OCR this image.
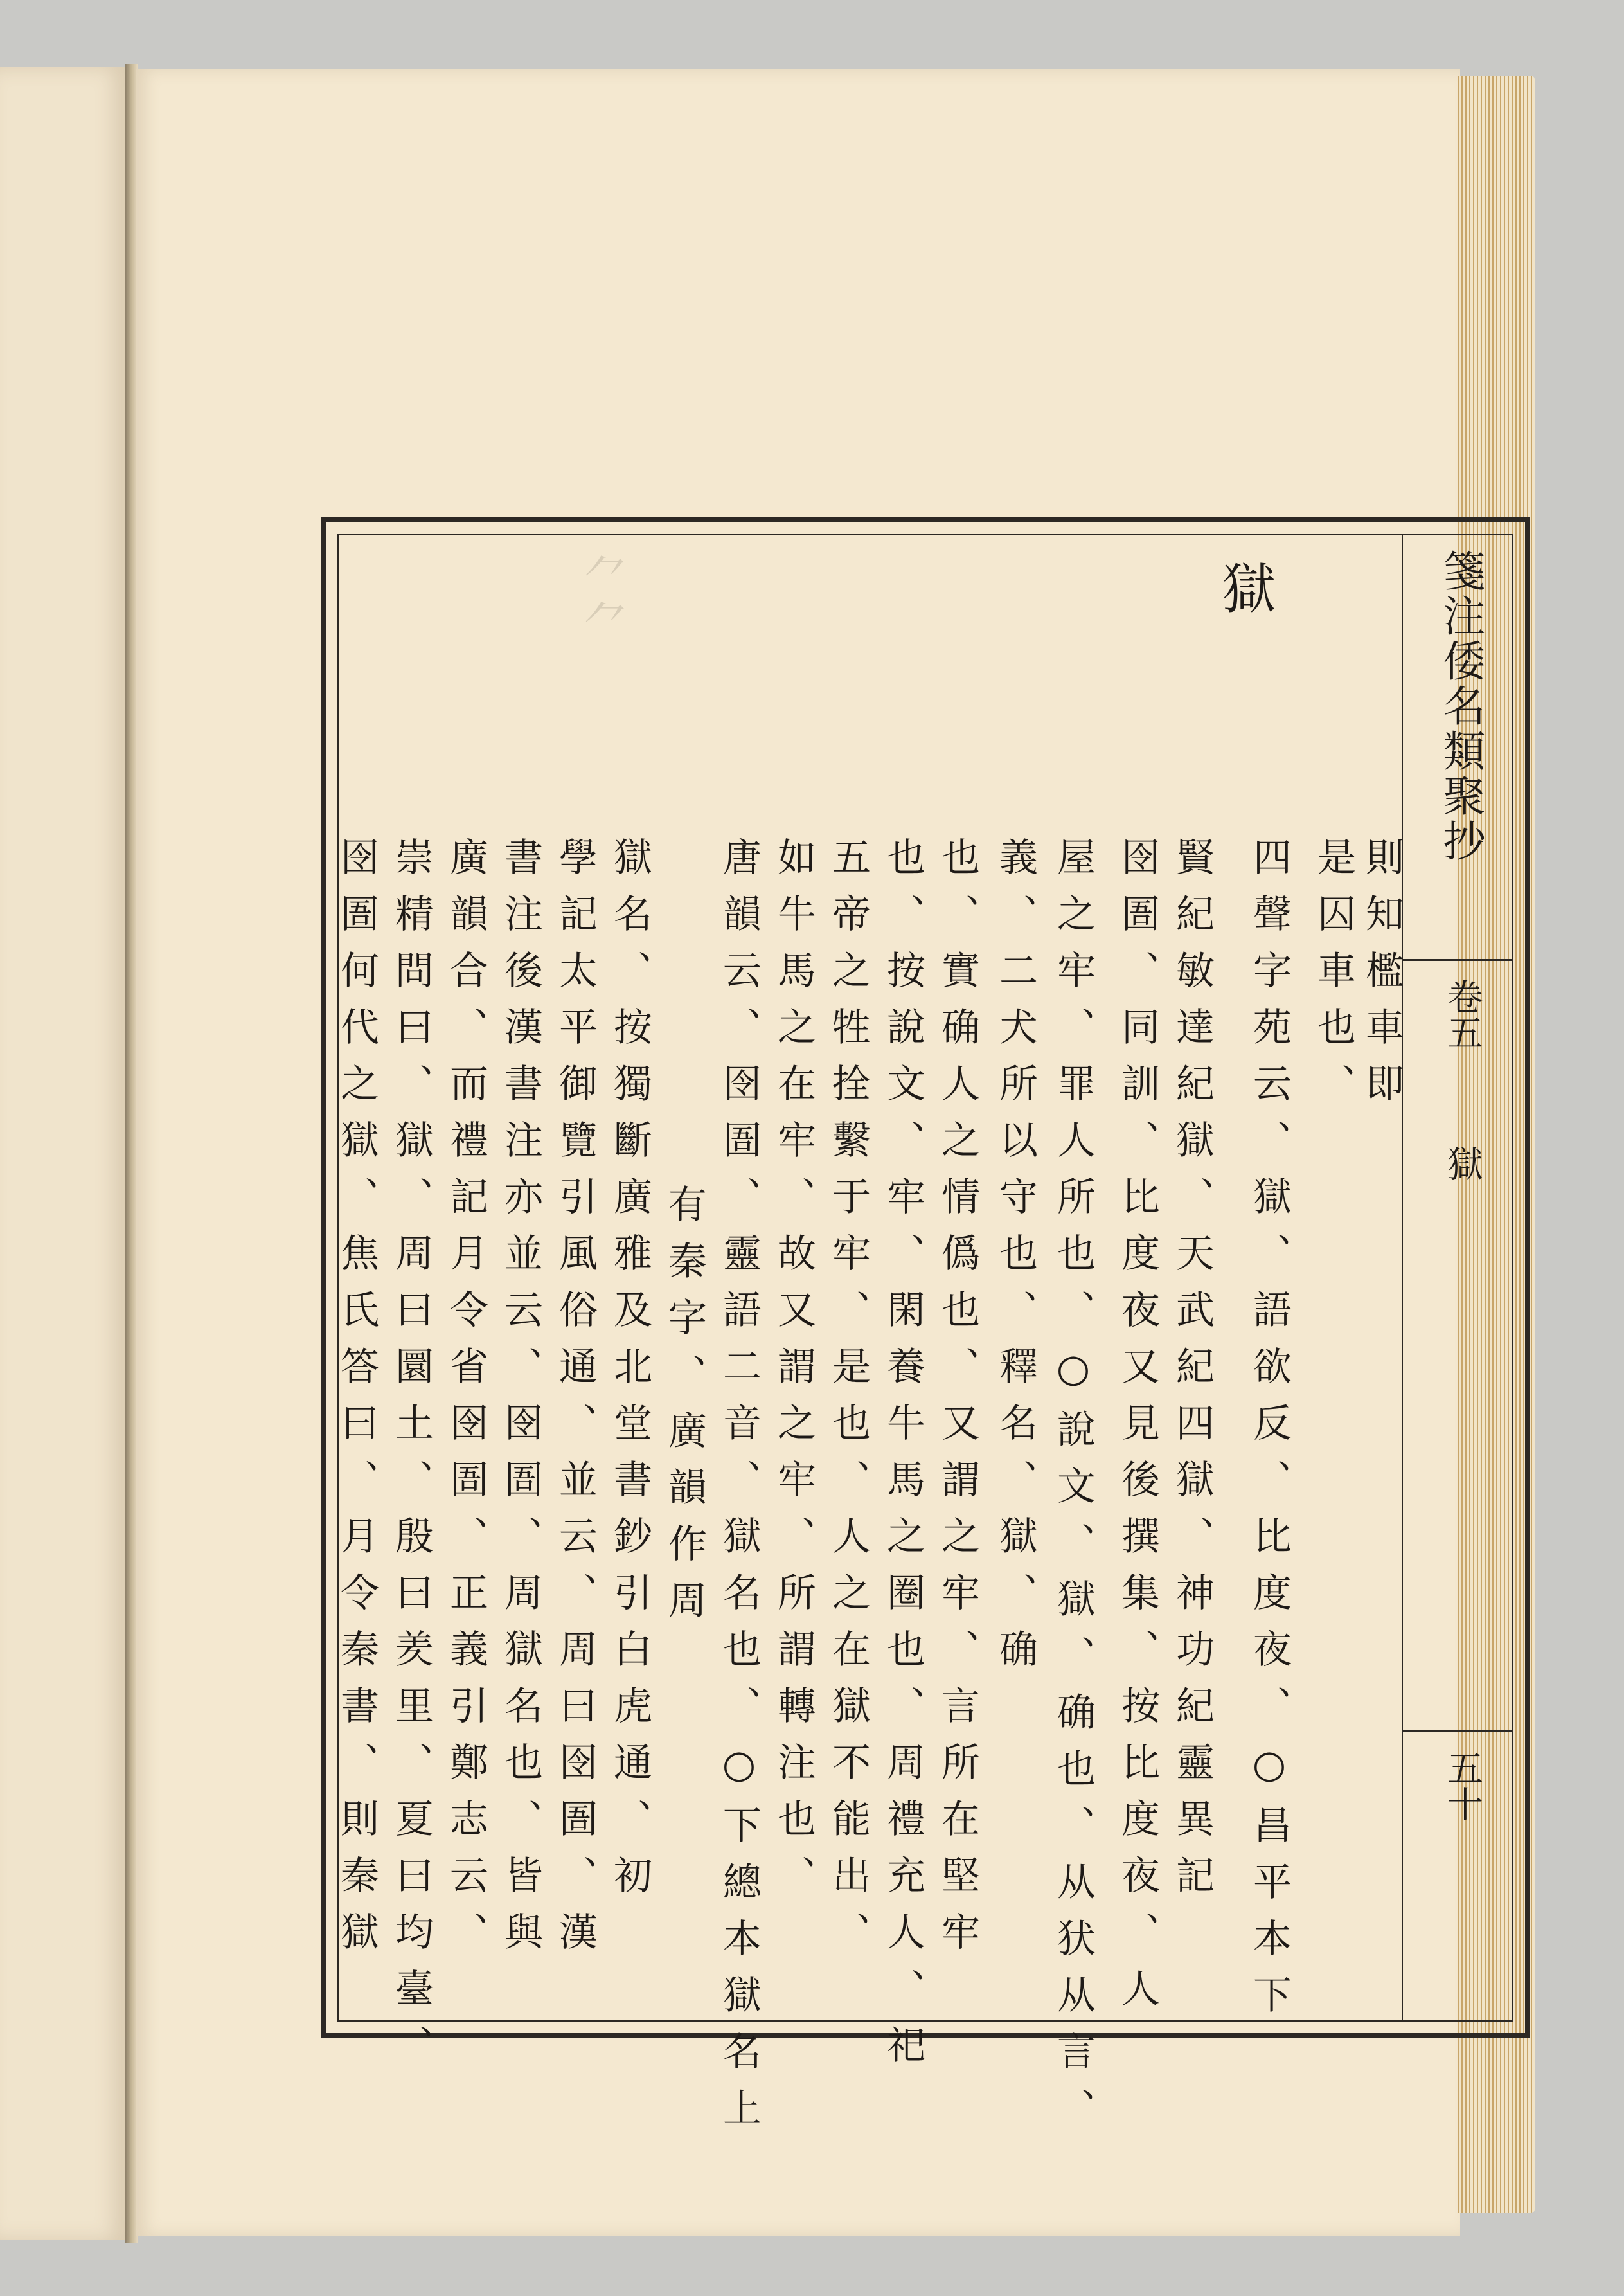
⺈⺈	箋注倭名類聚抄
卷五
獄
五十
獄
則知檻車即
是囚車也、
四聲字苑云、獄、語欲反、比度夜、○昌平本下
賢紀敏達紀獄、天武紀四獄、神功紀靈異記
囹圄、同訓、比度夜又見後撰集、按比度夜、人
屋之牢、罪人所也、○說文、獄、确也、从犾从言、
義、二犬所以守也、釋名、獄、确
也、實确人之情僞也、又謂之牢、言所在堅牢
也、按說文、牢、閑養牛馬之圈也、周禮充人、祀
五帝之牲拴繫于牢、是也、人之在獄不能出、
如牛馬之在牢、故又謂之牢、所謂轉注也、
唐韻云、囹圄、靈語二音、獄名也、○下總本獄名上
有秦字、廣韻作周
獄名、按獨斷廣雅及北堂書鈔引白虎通、初
學記太平御覽引風俗通、並云、周曰囹圄、漢
書注後漢書注亦並云、囹圄、周獄名也、皆與
廣韻合、而禮記月令省囹圄、正義引鄭志云、
崇精問曰、獄、周曰圜土、殷曰羑里、夏曰均臺、
囹圄何代之獄、焦氏答曰、月令秦書、則秦獄
